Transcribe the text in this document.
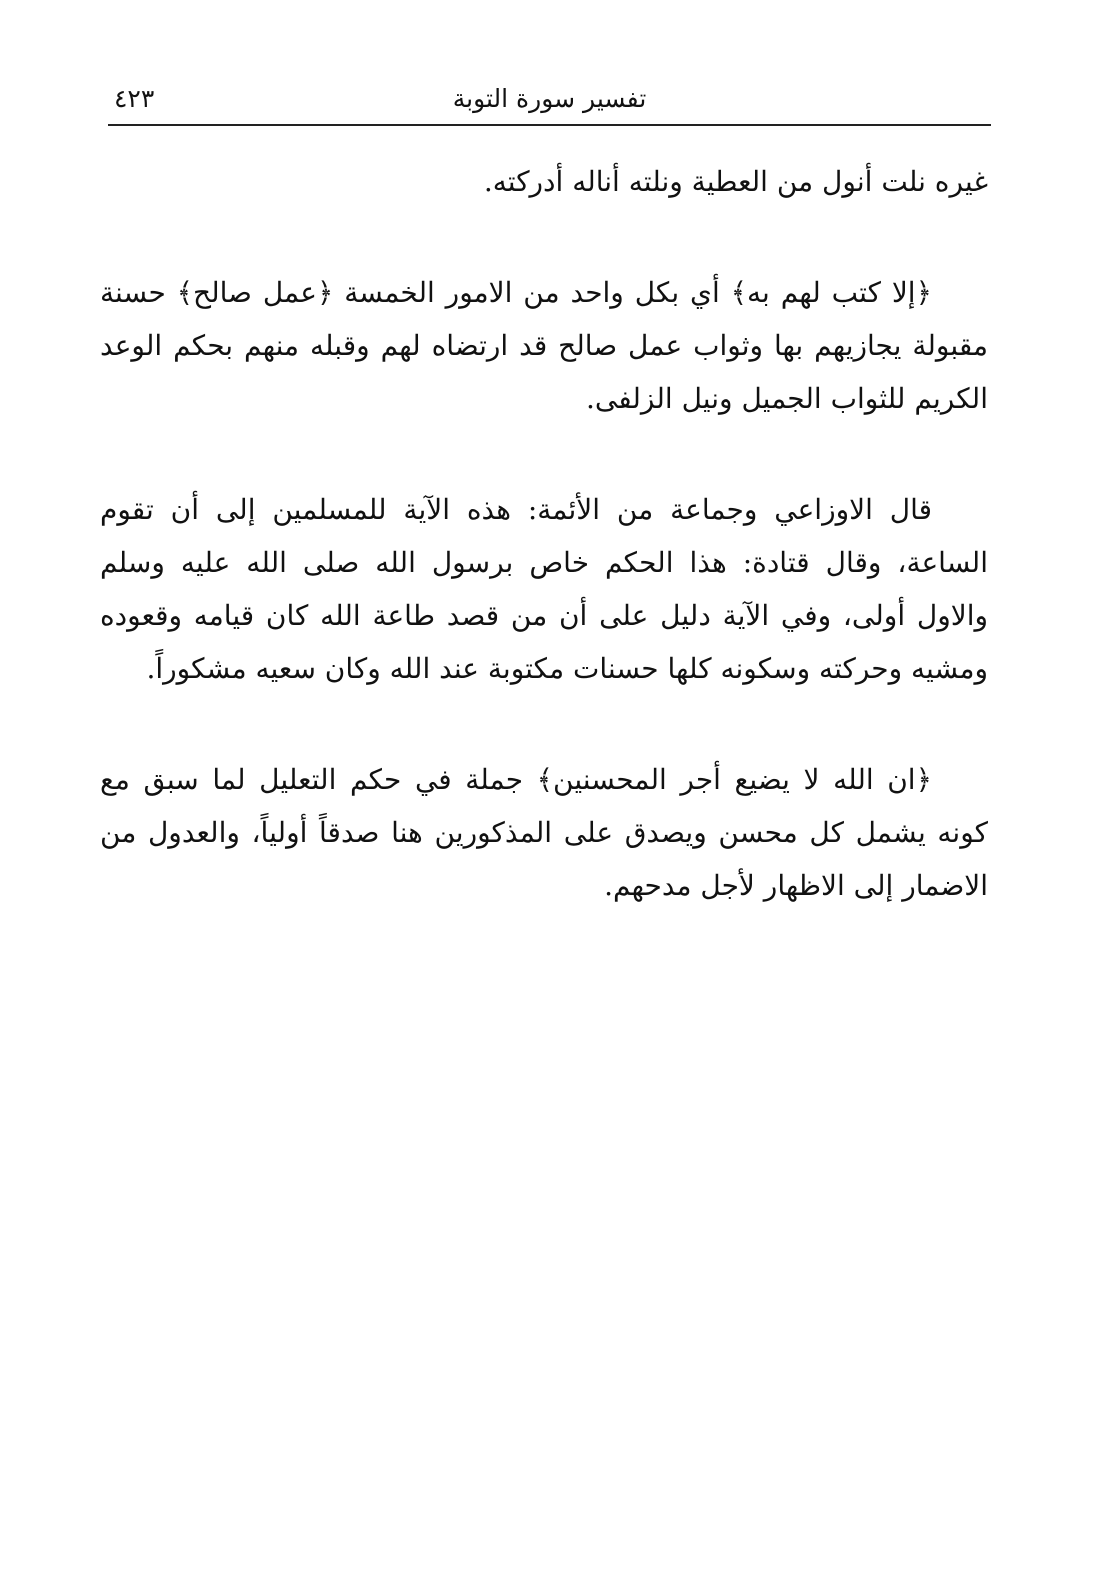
تفسير سورة التوبة
٤٢٣

غيره نلت أنول من العطية ونلته أناله أدركته.

﴿إلا كتب لهم به﴾ أي بكل واحد من الامور الخمسة ﴿عمل صالح﴾ حسنة مقبولة يجازيهم بها وثواب عمل صالح قد ارتضاه لهم وقبله منهم بحكم الوعد الكريم للثواب الجميل ونيل الزلفى.

قال الاوزاعي وجماعة من الأئمة: هذه الآية للمسلمين إلى أن تقوم الساعة، وقال قتادة: هذا الحكم خاص برسول الله صلى الله عليه وسلم والاول أولى، وفي الآية دليل على أن من قصد طاعة الله كان قيامه وقعوده ومشيه وحركته وسكونه كلها حسنات مكتوبة عند الله وكان سعيه مشكوراً.

﴿ان الله لا يضيع أجر المحسنين﴾ جملة في حكم التعليل لما سبق مع كونه يشمل كل محسن ويصدق على المذكورين هنا صدقاً أولياً، والعدول من الاضمار إلى الاظهار لأجل مدحهم.
